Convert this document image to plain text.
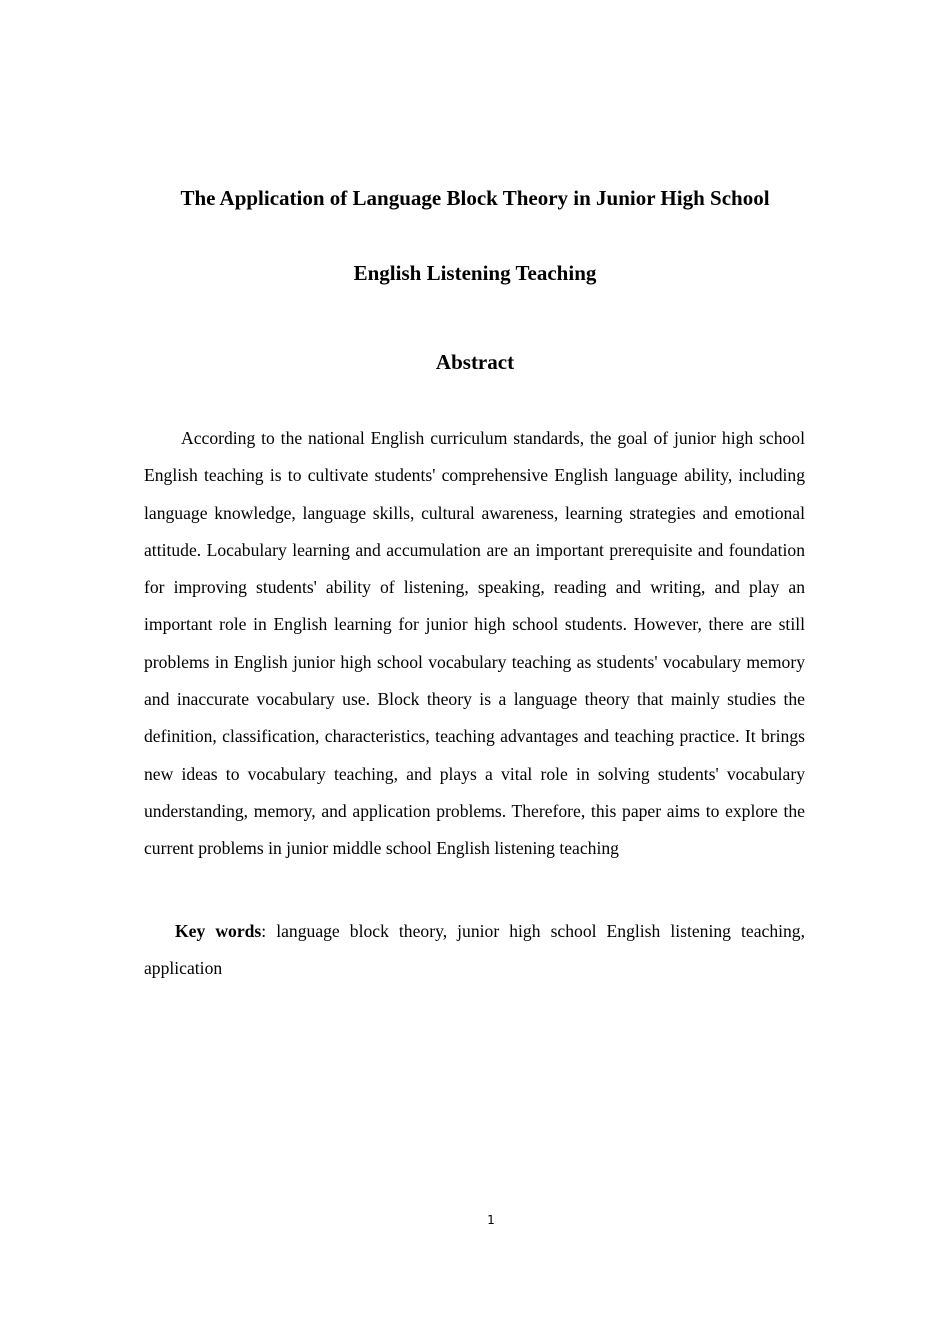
The Application of Language Block Theory in Junior High School
English Listening Teaching
Abstract

According to the national English curriculum standards, the goal of junior high school English teaching is to cultivate students' comprehensive English language ability, including language knowledge, language skills, cultural awareness, learning strategies and emotional attitude. Locabulary learning and accumulation are an important prerequisite and foundation for improving students' ability of listening, speaking, reading and writing, and play an important role in English learning for junior high school students. However, there are still problems in English junior high school vocabulary teaching as students' vocabulary memory and inaccurate vocabulary use. Block theory is a language theory that mainly studies the definition, classification, characteristics, teaching advantages and teaching practice. It brings new ideas to vocabulary teaching, and plays a vital role in solving students' vocabulary understanding, memory, and application problems. Therefore, this paper aims to explore the current problems in junior middle school English listening teaching

Key words: language block theory, junior high school English listening teaching, application

1
